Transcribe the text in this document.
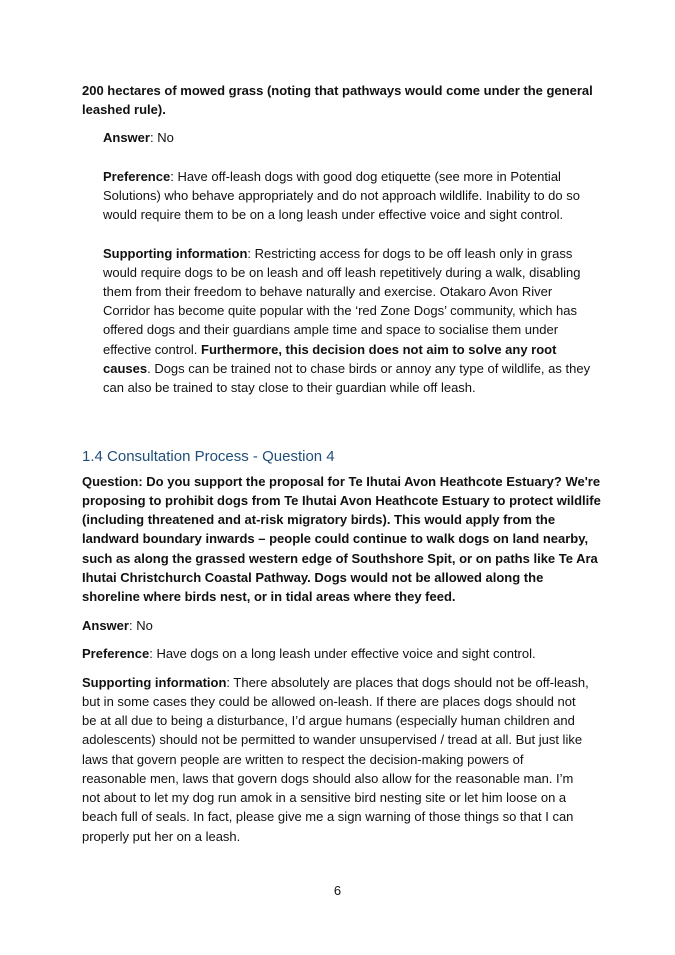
200 hectares of mowed grass (noting that pathways would come under the general

leashed rule).

Answer: No

Preference: Have off-leash dogs with good dog etiquette (see more in Potential

Solutions) who behave appropriately and do not approach wildlife. Inability to do so

would require them to be on a long leash under effective voice and sight control.

Supporting information: Restricting access for dogs to be off leash only in grass

would require dogs to be on leash and off leash repetitively during a walk, disabling

them from their freedom to behave naturally and exercise. Otakaro Avon River

Corridor has become quite popular with the ‘red Zone Dogs’ community, which has

offered dogs and their guardians ample time and space to socialise them under

effective control. Furthermore, this decision does not aim to solve any root

causes. Dogs can be trained not to chase birds or annoy any type of wildlife, as they

can also be trained to stay close to their guardian while off leash.

1.4 Consultation Process - Question 4

Question: Do you support the proposal for Te Ihutai Avon Heathcote Estuary? We're

proposing to prohibit dogs from Te Ihutai Avon Heathcote Estuary to protect wildlife

(including threatened and at-risk migratory birds). This would apply from the

landward boundary inwards – people could continue to walk dogs on land nearby,

such as along the grassed western edge of Southshore Spit, or on paths like Te Ara

Ihutai Christchurch Coastal Pathway. Dogs would not be allowed along the

shoreline where birds nest, or in tidal areas where they feed.

Answer: No

Preference: Have dogs on a long leash under effective voice and sight control.

Supporting information: There absolutely are places that dogs should not be off-leash,

but in some cases they could be allowed on-leash. If there are places dogs should not

be at all due to being a disturbance, I’d argue humans (especially human children and

adolescents) should not be permitted to wander unsupervised / tread at all. But just like

laws that govern people are written to respect the decision-making powers of

reasonable men, laws that govern dogs should also allow for the reasonable man. I’m

not about to let my dog run amok in a sensitive bird nesting site or let him loose on a

beach full of seals. In fact, please give me a sign warning of those things so that I can

properly put her on a leash.

6
